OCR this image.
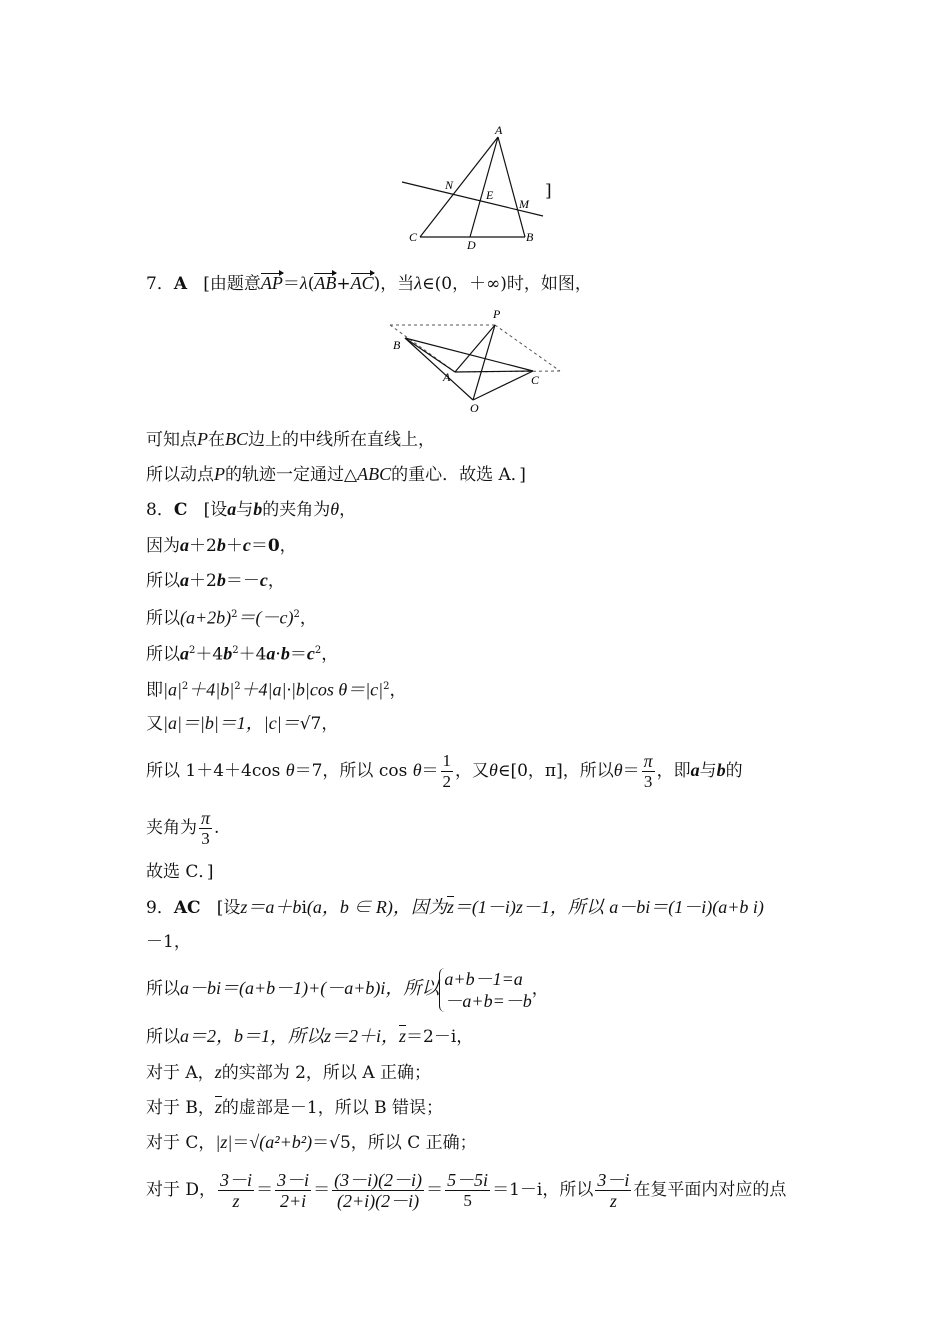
A
N
E
M
C
D
B
]
7．A [由题意AP＝λ(AB+AC)，当λ∈(0，＋∞)时，如图，
P
B
A	C
O
可知点P在BC边上的中线所在直线上，
所以动点P的轨迹一定通过△ABC的重心．故选 A．]
8．C [设a与b的夹角为θ，
因为a＋2b＋c＝0，
所以a＋2b＝－c，
所以$(a+2b)^2=(-c)^2$，
所以$a^2+4b^2+4a\cdot b=c^2$，
即$|a|^2+4|b|^2+4|a|\cdot|b|\cos$ $\theta=|c|^2$，
又|a|＝|b|＝1，|c|＝√7，
所以 1＋4＋4cos θ＝7，所以 $\cos \theta= \frac{1}{2}$ ，又θ∈[0，π]，所以$\theta= \frac{\pi}{3}$ ，即a与b的
夹角为 $\frac{\pi}{3}$ .
故选 C．]
9．AC [设z＝a＋bi(a，b ∈ R)，因为z＝(1－i)z－1，所以 a－bi＝(1－i)(a+b i)
－1，
所以a－bi＝(a+b－1)+(－a+b)i，所以 a+b－1=a
－a+b=－b
，
所以a＝2，b＝1，所以z＝2＋i，z＝2－i，
对于 A，z的实部为 2，所以 A 正确；
对于 B，z的虚部是－1，所以 B 错误；
对于 C，|z|＝√(a²+b²)＝√5，所以 C 正确；
对于 D， $\frac{3-i}{z} = \frac{3-i}{2+i} = \frac{(3-i)(2-i)}{(2+i)(2-i)} = \frac{5-5i}{5} =1-i$，所以 $\frac{3-i}{z}$ 在复平面内对应的点
